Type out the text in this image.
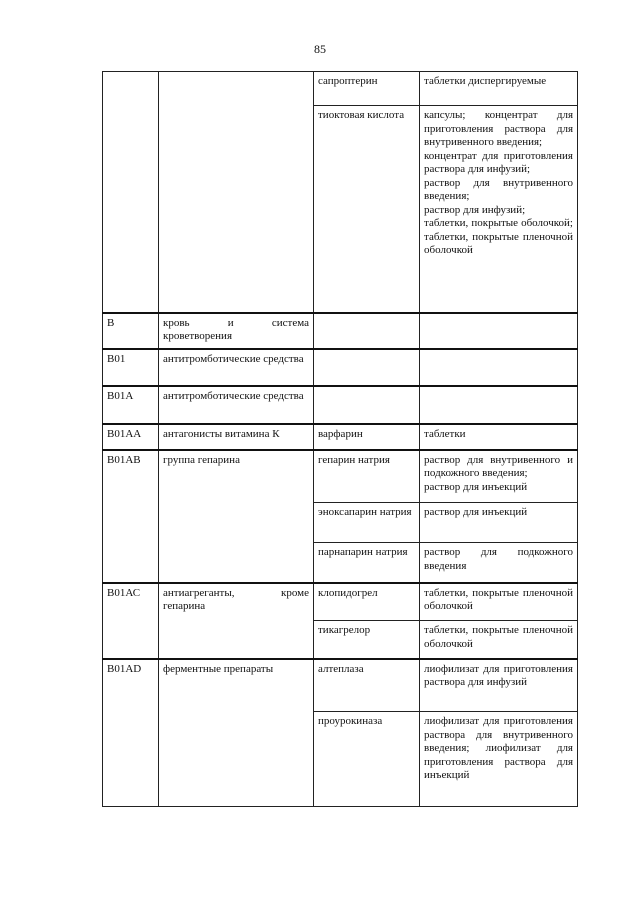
85
		сапроптерин	таблетки диспергируемые
		тиоктовая кислота	капсулы; концентрат для приготовления раствора для внутривенного введения;
концентрат для приготовления раствора для инфузий;
раствор для внутривенного введения;
раствор для инфузий;
таблетки, покрытые оболочкой; таблетки, покрытые пленочной оболочкой
В	кровь и система кроветворения		
В01	антитромботические средства		
В01А	антитромботические средства		
В01АА	антагонисты витамина К	варфарин	таблетки
В01АВ	группа гепарина	гепарин натрия	раствор для внутривенного и подкожного введения;
раствор для инъекций
		эноксапарин натрия	раствор для инъекций
		парнапарин натрия	раствор для подкожного введения
В01АС	антиагреганты, кроме гепарина	клопидогрел	таблетки, покрытые пленочной оболочкой
		тикагрелор	таблетки, покрытые пленочной оболочкой
В01АD	ферментные препараты	алтеплаза	лиофилизат для приготовления раствора для инфузий
		проурокиназа	лиофилизат для приготовления раствора для внутривенного введения; лиофилизат для приготовления раствора для инъекций
